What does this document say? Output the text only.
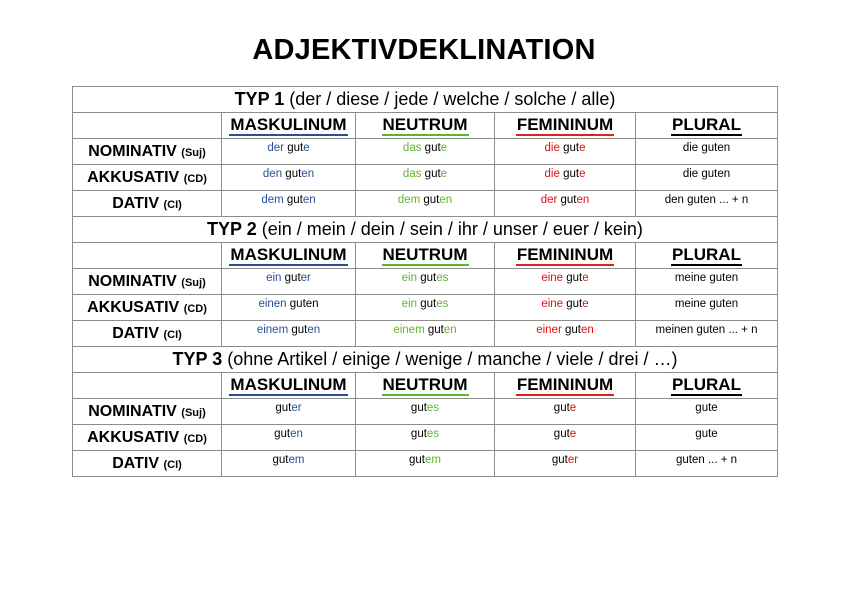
ADJEKTIVDEKLINATION
TYP 1 (der / diese / jede / welche / solche / alle)				
	MASKULINUM	NEUTRUM	FEMININUM	PLURAL
NOMINATIV (Suj)	der gute	das gute	die gute	die guten
AKKUSATIV (CD)	den guten	das gute	die gute	die guten
DATIV (CI)	dem guten	dem guten	der guten	den guten ... + n
TYP 2 (ein / mein / dein / sein / ihr / unser / euer / kein)				
	MASKULINUM	NEUTRUM	FEMININUM	PLURAL
NOMINATIV (Suj)	ein guter	ein gutes	eine gute	meine guten
AKKUSATIV (CD)	einen guten	ein gutes	eine gute	meine guten
DATIV (CI)	einem guten	einem guten	einer guten	meinen guten ... + n
TYP 3 (ohne Artikel / einige / wenige / manche / viele / drei / …)				
	MASKULINUM	NEUTRUM	FEMININUM	PLURAL
NOMINATIV (Suj)	guter	gutes	gute	gute
AKKUSATIV (CD)	guten	gutes	gute	gute
DATIV (CI)	gutem	gutem	guter	guten ... + n
